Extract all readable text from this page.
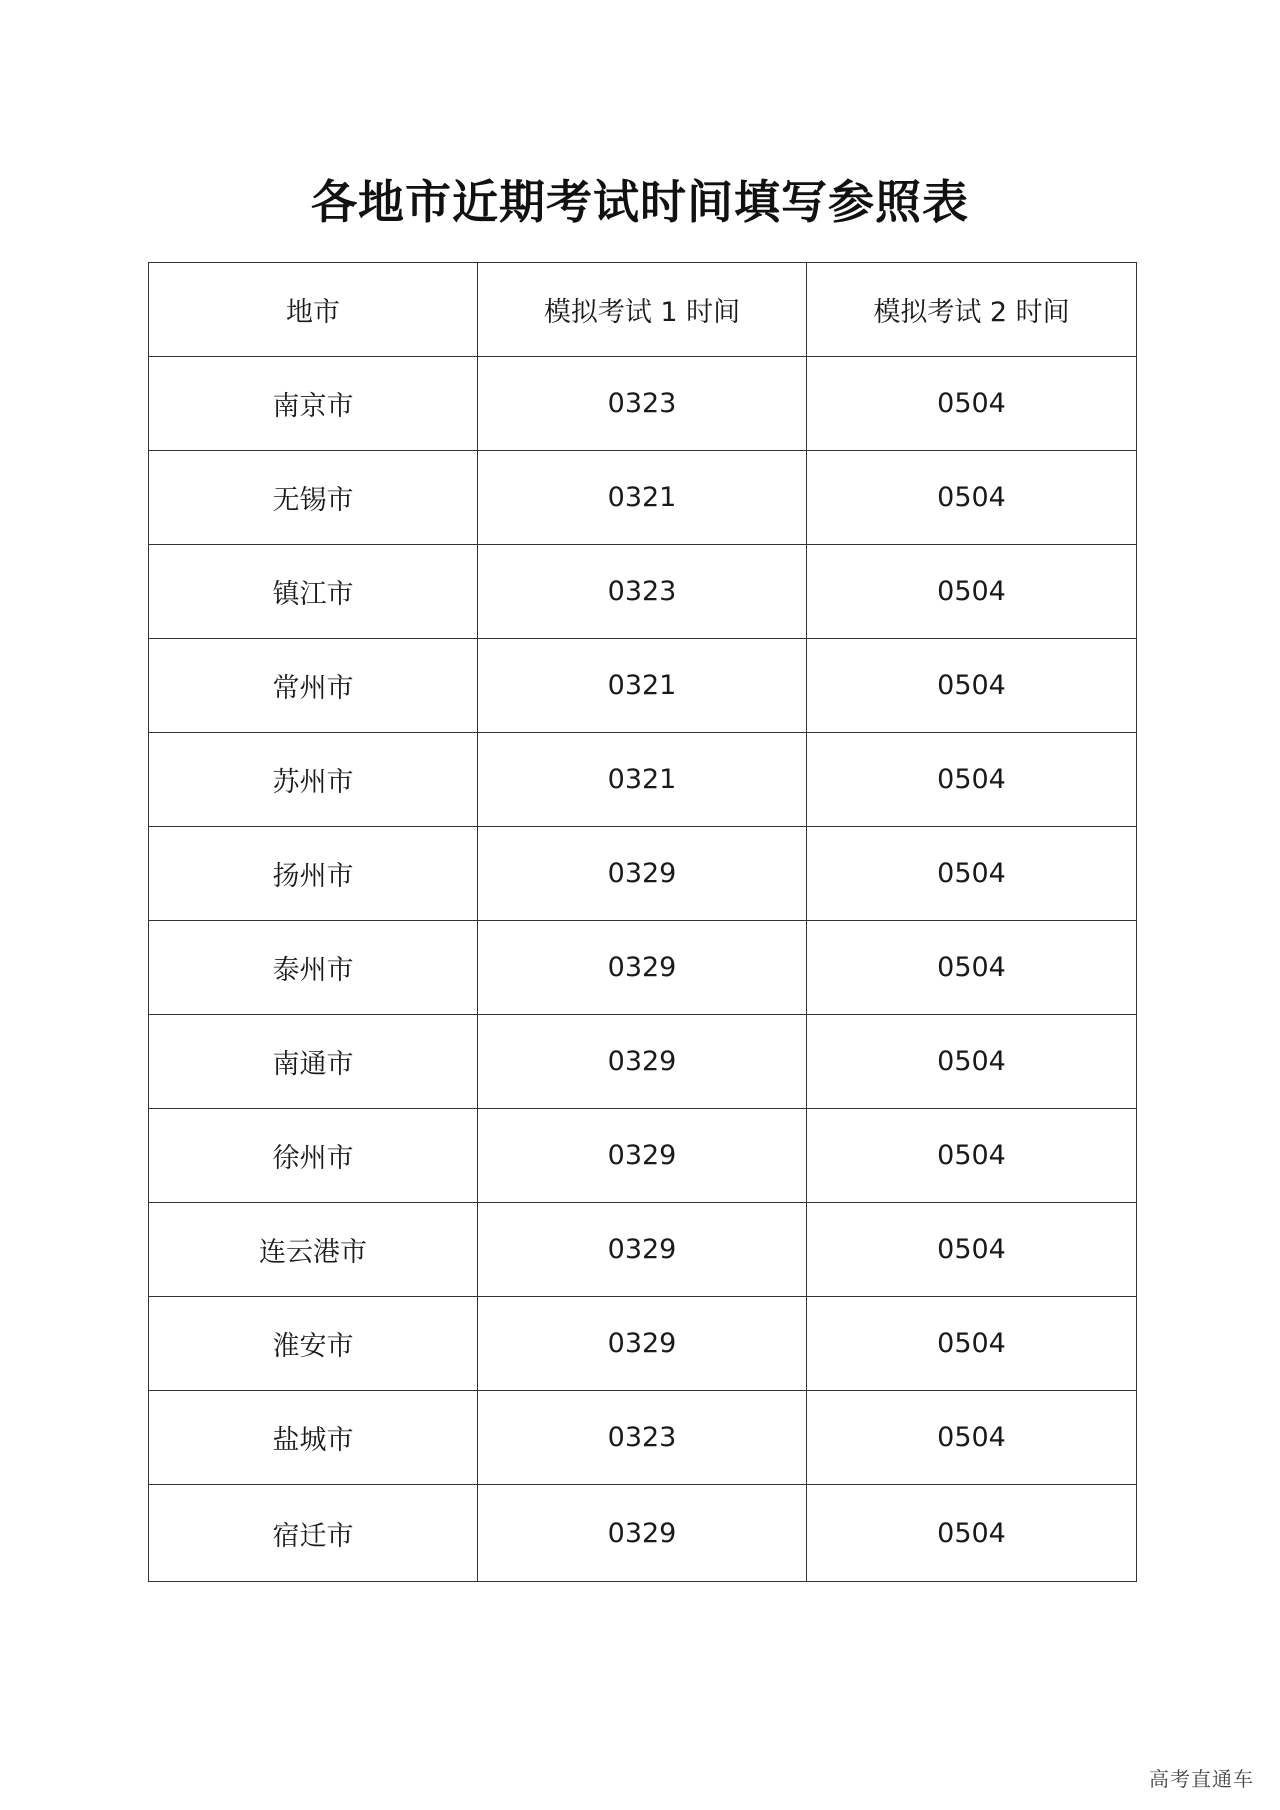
各地市近期考试时间填写参照表
地市	模拟考试 1 时间	模拟考试 2 时间
南京市	0323	0504
无锡市	0321	0504
镇江市	0323	0504
常州市	0321	0504
苏州市	0321	0504
扬州市	0329	0504
泰州市	0329	0504
南通市	0329	0504
徐州市	0329	0504
连云港市	0329	0504
淮安市	0329	0504
盐城市	0323	0504
宿迁市	0329	0504
高考直通车
